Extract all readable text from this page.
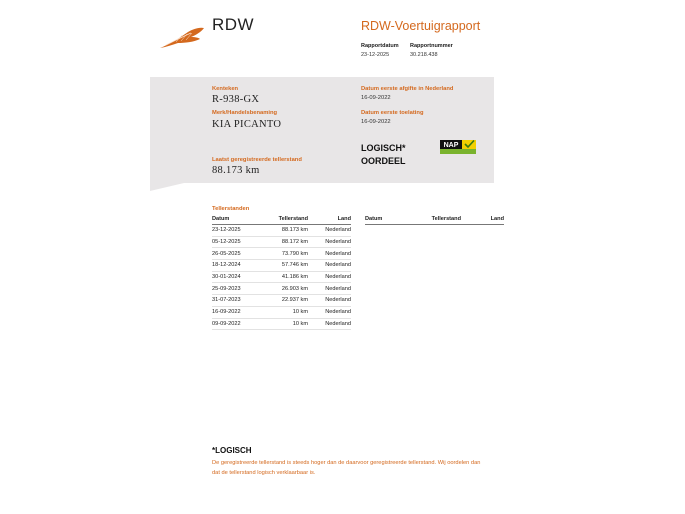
RDW	RDW-Voertuigrapport
Rapportdatum
23-12-2025
Rapportnummer
30.218.438
Kenteken
R-938-GX
Merk/Handelsbenaming
KIA PICANTO
Datum eerste afgifte in Nederland
16-09-2022
Datum eerste toelating
16-09-2022
LOGISCH*
OORDEEL
NAP
Laatst geregistreerde tellerstand
88.173 km
Tellerstanden
Datum	Tellerstand	Land
23-12-2025	88.173 km	Nederland
05-12-2025	88.172 km	Nederland
26-05-2025	73.790 km	Nederland
18-12-2024	57.746 km	Nederland
30-01-2024	41.186 km	Nederland
25-09-2023	26.903 km	Nederland
31-07-2023	22.937 km	Nederland
16-09-2022	10 km	Nederland
09-09-2022	10 km	Nederland
Datum	Tellerstand	Land
*LOGISCH
De geregistreerde tellerstand is steeds hoger dan de daarvoor geregistreerde tellerstand. Wij oordelen dan
dat de tellerstand logisch verklaarbaar is.
